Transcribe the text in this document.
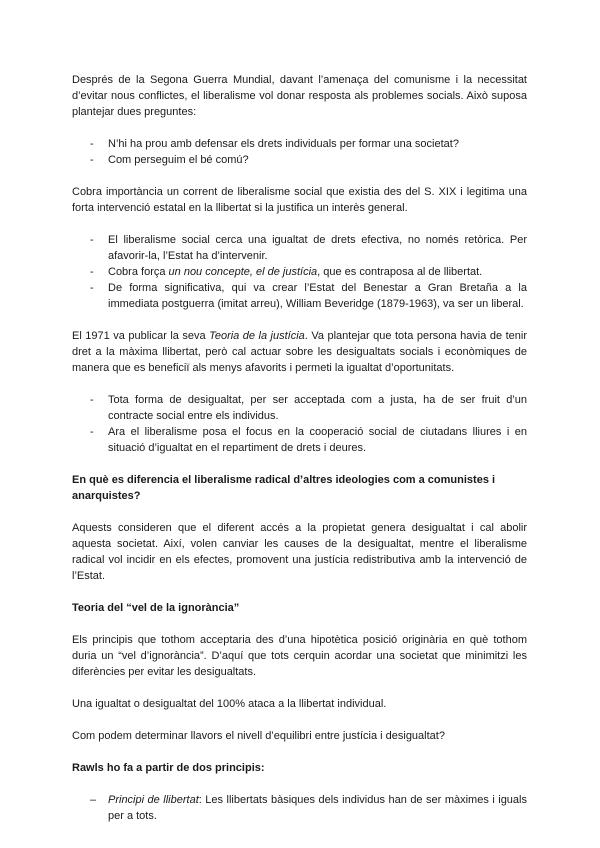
Després de la Segona Guerra Mundial, davant l’amenaça del comunisme i la necessitat d’evitar nous conflictes, el liberalisme vol donar resposta als problemes socials. Això suposa plantejar dues preguntes:

- N’hi ha prou amb defensar els drets individuals per formar una societat?
- Com perseguim el bé comú?

Cobra importància un corrent de liberalisme social que existia des del S. XIX i legitima una forta intervenció estatal en la llibertat si la justifica un interès general.

- El liberalisme social cerca una igualtat de drets efectiva, no només retòrica. Per afavorir-la, l’Estat ha d’intervenir.
- Cobra força un nou concepte, el de justícia, que es contraposa al de llibertat.
- De forma significativa, qui va crear l’Estat del Benestar a Gran Bretaña a la immediata postguerra (imitat arreu), William Beveridge (1879-1963), va ser un liberal.

El 1971 va publicar la seva Teoria de la justícia. Va plantejar que tota persona havia de tenir dret a la màxima llibertat, però cal actuar sobre les desigualtats socials i econòmiques de manera que es beneficiï als menys afavorits i permeti la igualtat d’oportunitats.

- Tota forma de desigualtat, per ser acceptada com a justa, ha de ser fruit d’un contracte social entre els individus.
- Ara el liberalisme posa el focus en la cooperació social de ciutadans lliures i en situació d’igualtat en el repartiment de drets i deures.
En què es diferencia el liberalisme radical d’altres ideologies com a comunistes i anarquistes?

Aquests consideren que el diferent accés a la propietat genera desigualtat i cal abolir aquesta societat. Així, volen canviar les causes de la desigualtat, mentre el liberalisme radical vol incidir en els efectes, promovent una justícia redistributiva amb la intervenció de l’Estat.

Teoria del “vel de la ignorància”

Els principis que tothom acceptaria des d’una hipotètica posició originària en què tothom duria un “vel d’ignorància”. D’aquí que tots cerquin acordar una societat que minimitzi les diferències per evitar les desigualtats.

Una igualtat o desigualtat del 100% ataca a la llibertat individual.

Com podem determinar llavors el nivell d’equilibri entre justícia i desigualtat?

Rawls ho fa a partir de dos principis:
– Principi de llibertat: Les llibertats bàsiques dels individus han de ser màximes i iguals per a tots.
